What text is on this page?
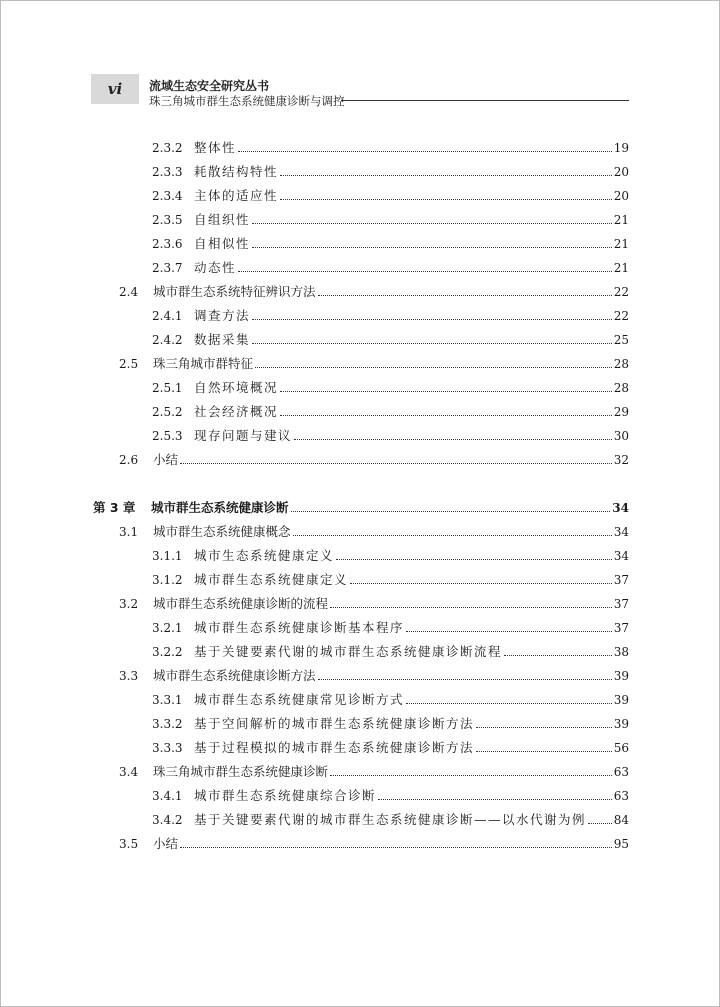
vi	流域生态安全研究丛书
珠三角城市群生态系统健康诊断与调控
2.3.2 整体性	19
2.3.3 耗散结构特性	20
2.3.4 主体的适应性	20
2.3.5 自组织性	21
2.3.6 自相似性	21
2.3.7 动态性	21
2.4	城市群生态系统特征辨识方法	22
2.4.1 调查方法	22
2.4.2 数据采集	25
2.5	珠三角城市群特征	28
2.5.1 自然环境概况	28
2.5.2 社会经济概况	29
2.5.3 现存问题与建议	30
2.6	小结	32
第 3 章	城市群生态系统健康诊断	34
3.1	城市群生态系统健康概念	34
3.1.1 城市生态系统健康定义	34
3.1.2 城市群生态系统健康定义	37
3.2	城市群生态系统健康诊断的流程	37
3.2.1 城市群生态系统健康诊断基本程序	37
3.2.2 基于关键要素代谢的城市群生态系统健康诊断流程	38
3.3	城市群生态系统健康诊断方法	39
3.3.1 城市群生态系统健康常见诊断方式	39
3.3.2 基于空间解析的城市群生态系统健康诊断方法	39
3.3.3 基于过程模拟的城市群生态系统健康诊断方法	56
3.4	珠三角城市群生态系统健康诊断	63
3.4.1 城市群生态系统健康综合诊断	63
3.4.2 基于关键要素代谢的城市群生态系统健康诊断——以水代谢为例 84
3.5	小结	95
